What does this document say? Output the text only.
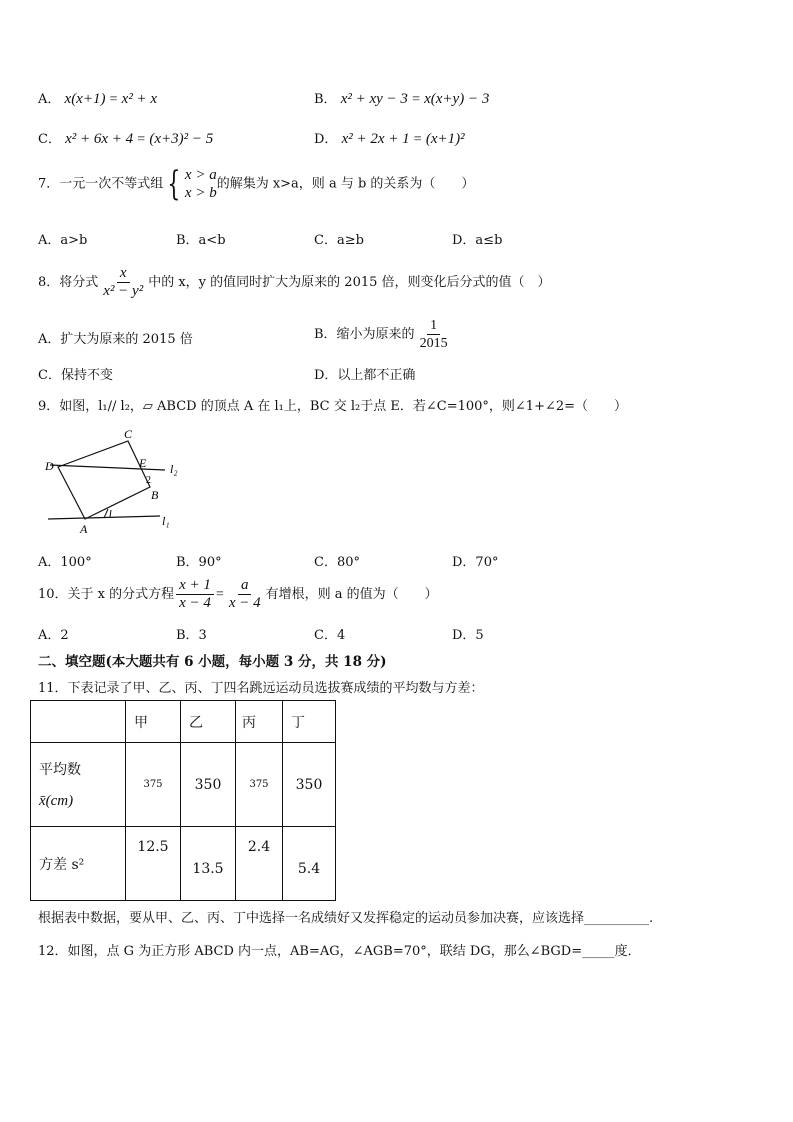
A． x(x+1) = x² + x	B． x² + xy − 3 = x(x+y) − 3
C． x² + 6x + 4 = (x+3)² − 5	D． x² + 2x + 1 = (x+1)²
7．一元一次不等式组 { x > a
x > b
的解集为 x>a，则 a 与 b 的关系为（　　）
A．a>b	B．a<b	C．a≥b	D．a≤b
8．将分式 $\frac{x}{\text{x² − y²}}$ 中的 x，y 的值同时扩大为原来的 2015 倍，则变化后分式的值（　）
A．扩大为原来的 2015 倍	B．缩小为原来的 $\frac{1}{2015}$
C．保持不变	D．以上都不正确
9．如图，l₁// l₂，▱ ABCD 的顶点 A 在 l₁上，BC 交 l₂于点 E．若∠C=100°，则∠1+∠2=（　　）
C
D	E l₂
2
B
A
l₁
A．100°	B．90°	C．80°	D．70°
10．关于 x 的分式方程 $\frac{x + 1}{x - 4} = \frac{a}{x - 4}$ 有增根，则 a 的值为（　　）
A．2	B．3	C．4	D．5
二、填空题(本大题共有 6 小题，每小题 3 分，共 18 分)
11．下表记录了甲、乙、丙、丁四名跳远运动员选拔赛成绩的平均数与方差：
	甲	乙	丙	丁

平均数
x̄(cm)	375	350	375	350
方差 s²	12.5	13.5	2.4	5.4
根据表中数据，要从甲、乙、丙、丁中选择一名成绩好又发挥稳定的运动员参加决赛，应该选择__________.
12．如图，点 G 为正方形 ABCD 内一点，AB=AG，∠AGB=70°，联结 DG，那么∠BGD=_____度．
